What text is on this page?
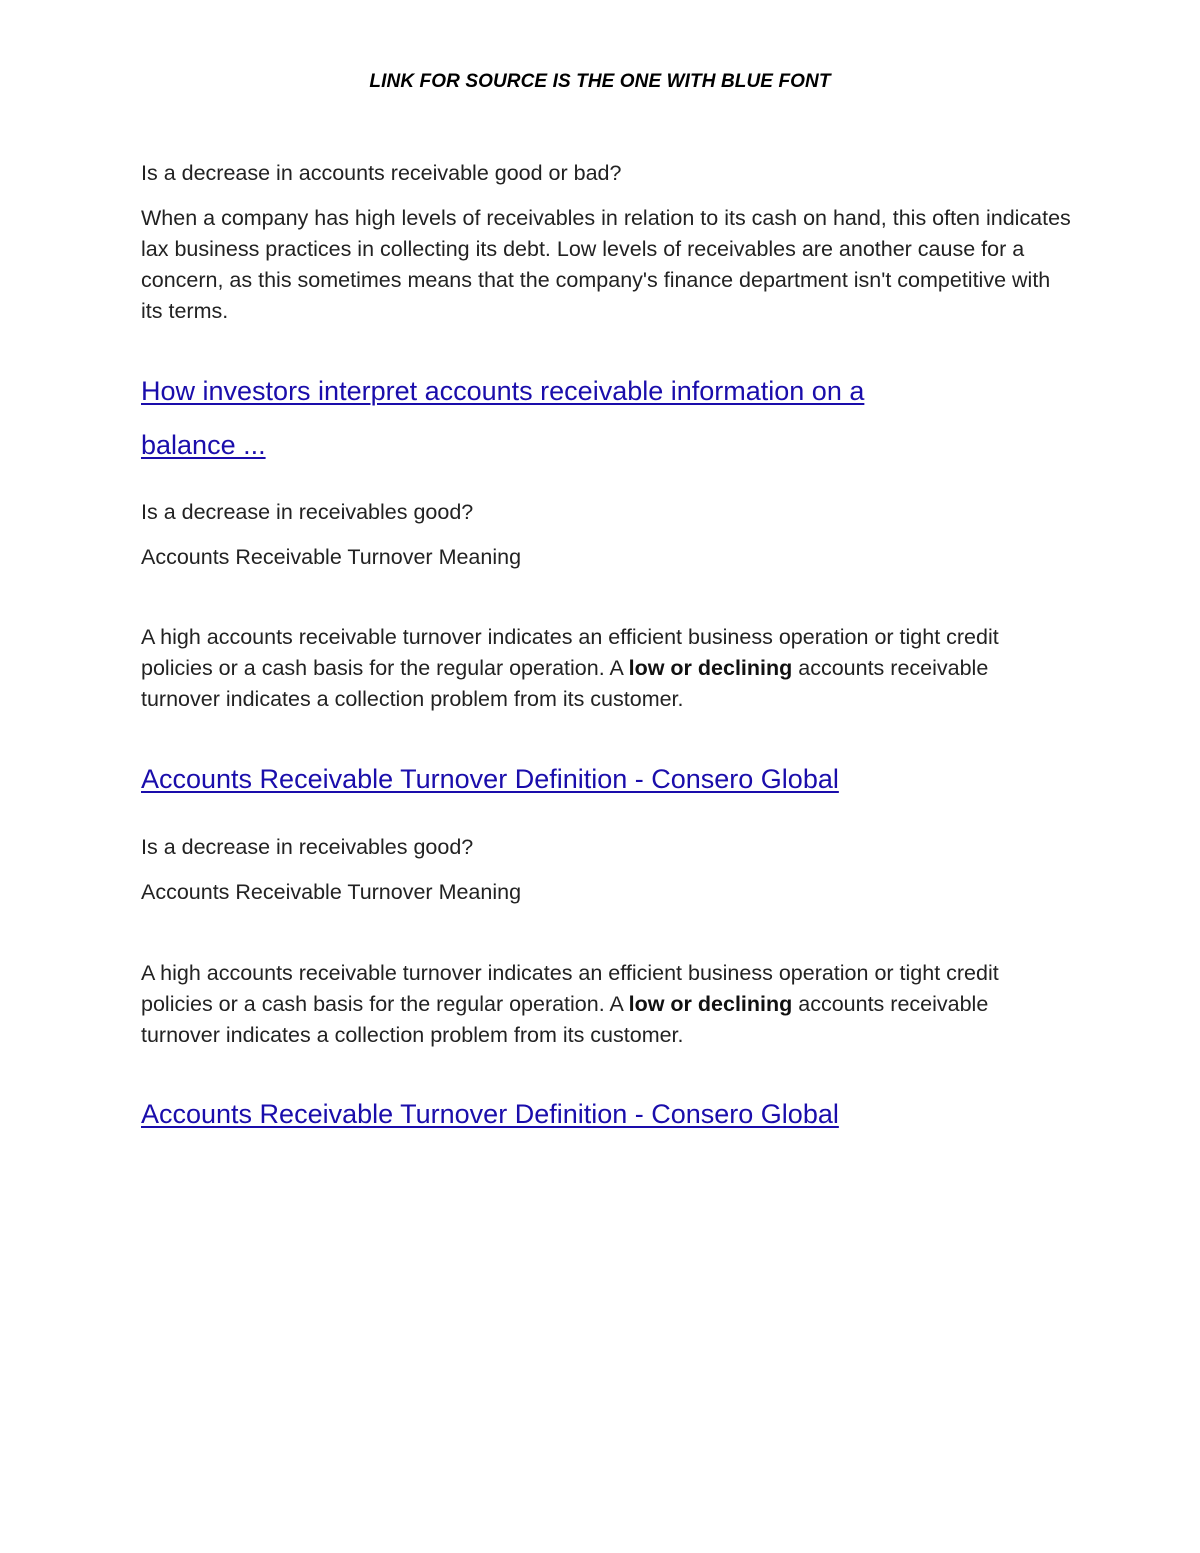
LINK FOR SOURCE IS THE ONE WITH BLUE FONT

Is a decrease in accounts receivable good or bad?

When a company has high levels of receivables in relation to its cash on hand, this often indicates lax business practices in collecting its debt. Low levels of receivables are another cause for a concern, as this sometimes means that the company's finance department isn't competitive with its terms.

How investors interpret accounts receivable information on a balance ...

Is a decrease in receivables good?

Accounts Receivable Turnover Meaning

A high accounts receivable turnover indicates an efficient business operation or tight credit policies or a cash basis for the regular operation. A low or declining accounts receivable turnover indicates a collection problem from its customer.

Accounts Receivable Turnover Definition - Consero Global

Is a decrease in receivables good?

Accounts Receivable Turnover Meaning

A high accounts receivable turnover indicates an efficient business operation or tight credit policies or a cash basis for the regular operation. A low or declining accounts receivable turnover indicates a collection problem from its customer.

Accounts Receivable Turnover Definition - Consero Global
